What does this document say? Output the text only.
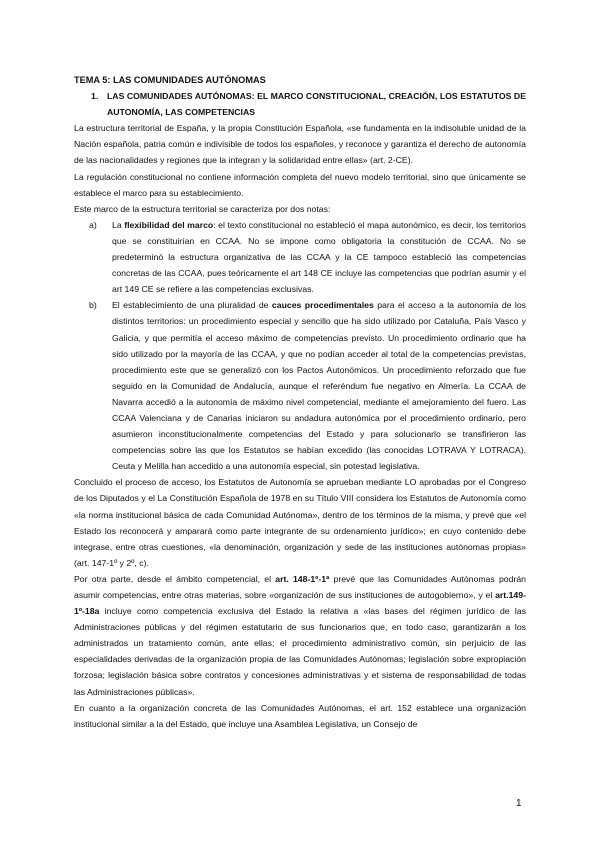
TEMA 5: LAS COMUNIDADES AUTÓNOMAS
1.	LAS COMUNIDADES AUTÓNOMAS: EL MARCO CONSTITUCIONAL, CREACIÓN, LOS ESTATUTOS DE AUTONOMÍA, LAS COMPETENCIAS

La estructura territorial de España, y la propia Constitución Española, «se fundamenta en la indisoluble unidad de la Nación española, patria común e indivisible de todos los españoles, y reconoce y garantiza el derecho de autonomía de las nacionalidades y regiones que la integran y la solidaridad entre ellas» (art. 2-CE).

La regulación constitucional no contiene información completa del nuevo modelo territorial, sino que únicamente se establece el marco para su establecimiento.

Este marco de la estructura territorial se caracteriza por dos notas:

a)	La flexibilidad del marco: el texto constitucional no estableció el mapa autonómico, es decir, los territorios que se constituirían en CCAA. No se impone como obligatoria la constitución de CCAA. No se predeterminó la estructura organizativa de las CCAA y la CE tampoco estableció las competencias concretas de las CCAA, pues teóricamente el art 148 CE incluye las competencias que podrían asumir y el art 149 CE se refiere a las competencias exclusivas.
b)	El establecimiento de una pluralidad de cauces procedimentales para el acceso a la autonomía de los distintos territorios: un procedimiento especial y sencillo que ha sido utilizado por Cataluña, País Vasco y Galicia, y que permitía el acceso máximo de competencias previsto. Un procedimiento ordinario que ha sido utilizado por la mayoría de las CCAA, y que no podían acceder al total de la competencias previstas, procedimiento este que se generalizó con los Pactos Autonómicos. Un procedimiento reforzado que fue seguido en la Comunidad de Andalucía, aunque el referéndum fue negativo en Almería. La CCAA de Navarra accedió a la autonomía de máximo nivel competencial, mediante el amejoramiento del fuero. Las CCAA Valenciana y de Canarias iniciaron su andadura autonómica por el procedimiento ordinario, pero asumieron inconstitucionalmente competencias del Estado y para solucionarlo se transfirieron las competencias sobre las que los Estatutos se habían excedido (las conocidas LOTRAVA Y LOTRACA). Ceuta y Melilla han accedido a una autonomía especial, sin potestad legislativa.

Concluido el proceso de acceso, los Estatutos de Autonomía se aprueban mediante LO aprobadas por el Congreso de los Diputados y el La Constitución Española de 1978 en su Título VIII considera los Estatutos de Autonomía como «la norma institucional básica de cada Comunidad Autónoma», dentro de los términos de la misma, y prevé que «el Estado los reconocerá y amparará como parte integrante de su ordenamiento jurídico»; en cuyo contenido debe integrase, entre otras cuestiones, «la denominación, organización y sede de las instituciones autónomas propias» (art. 147-1º y 2º, c).

Por otra parte, desde el ámbito competencial, el art. 148-1º-1ª prevé que las Comunidades Autónomas podrán asumir competencias, entre otras materias, sobre «organización de sus instituciones de autogobierno», y el art.149-1º-18a incluye como competencia exclusiva del Estado la relativa a «las bases del régimen jurídico de las Administraciones públicas y del régimen estatutario de sus funcionarios que, en todo caso, garantizarán a los administrados un tratamiento común, ante ellas; el procedimiento administrativo común, sin perjuicio de las especialidades derivadas de la organización propia de las Comunidades Autónomas; legislación sobre expropiación forzosa; legislación básica sobre contratos y concesiones administrativas y et sistema de responsabilidad de todas las Administraciones públicas».

En cuanto a la organización concreta de las Comunidades Autónomas, el art. 152 establece una organización institucional similar a la del Estado, que incluye una Asamblea Legislativa, un Consejo de

1
